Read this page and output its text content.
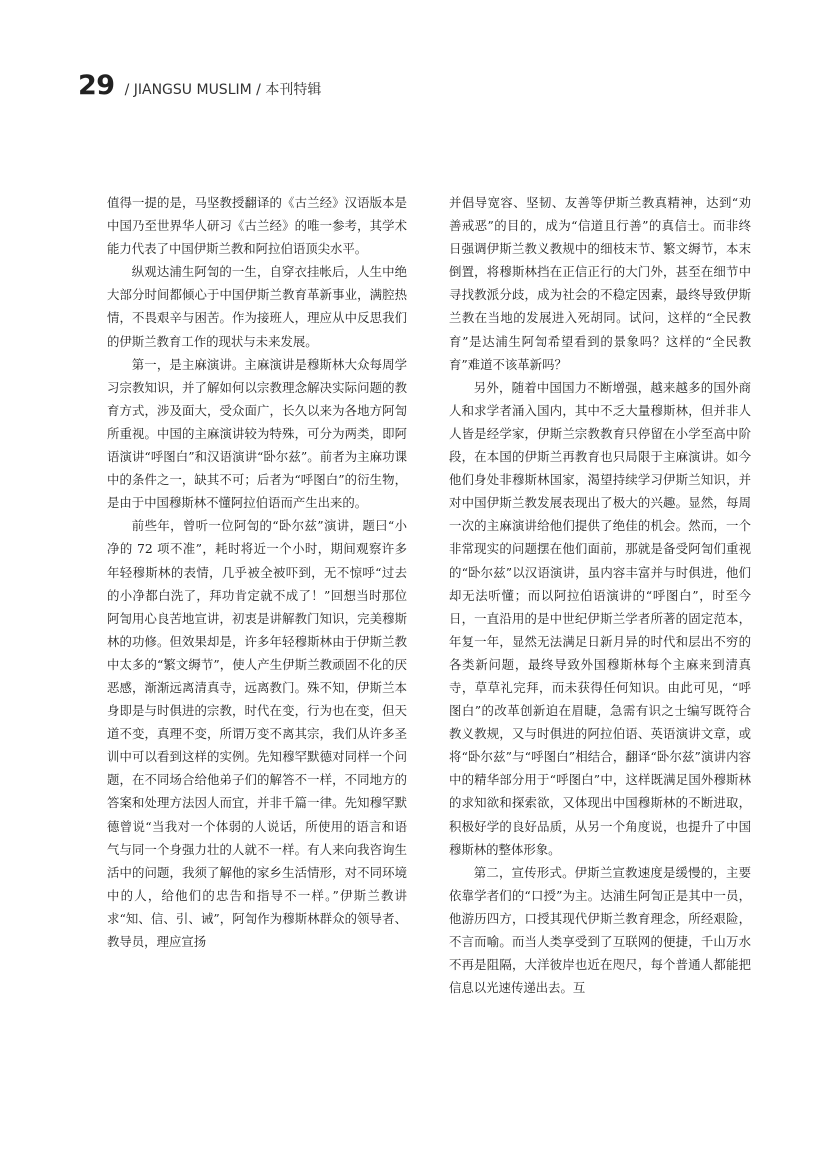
29 / JIANGSU MUSLIM / 本刊特辑

值得一提的是，马坚教授翻译的《古兰经》汉语版本是中国乃至世界华人研习《古兰经》的唯一参考，其学术能力代表了中国伊斯兰教和阿拉伯语顶尖水平。

纵观达浦生阿訇的一生，自穿衣挂帐后，人生中绝大部分时间都倾心于中国伊斯兰教育革新事业，满腔热情，不畏艰辛与困苦。作为接班人，理应从中反思我们的伊斯兰教育工作的现状与未来发展。

第一，是主麻演讲。主麻演讲是穆斯林大众每周学习宗教知识，并了解如何以宗教理念解决实际问题的教育方式，涉及面大，受众面广，长久以来为各地方阿訇所重视。中国的主麻演讲较为特殊，可分为两类，即阿语演讲“呼图白”和汉语演讲“卧尔兹”。前者为主麻功课中的条件之一，缺其不可；后者为“呼图白”的衍生物，是由于中国穆斯林不懂阿拉伯语而产生出来的。

前些年，曾听一位阿訇的“卧尔兹”演讲，题曰“小净的 72 项不准”，耗时将近一个小时，期间观察许多年轻穆斯林的表情，几乎被全被吓到，无不惊呼“过去的小净都白洗了，拜功肯定就不成了！”回想当时那位阿訇用心良苦地宣讲，初衷是讲解教门知识，完美穆斯林的功修。但效果却是，许多年轻穆斯林由于伊斯兰教中太多的“繁文缛节”，使人产生伊斯兰教顽固不化的厌恶感，渐渐远离清真寺，远离教门。殊不知，伊斯兰本身即是与时俱进的宗教，时代在变，行为也在变，但天道不变，真理不变，所谓万变不离其宗，我们从许多圣训中可以看到这样的实例。先知穆罕默德对同样一个问题，在不同场合给他弟子们的解答不一样，不同地方的答案和处理方法因人而宜，并非千篇一律。先知穆罕默德曾说“当我对一个体弱的人说话，所使用的语言和语气与同一个身强力壮的人就不一样。有人来向我咨询生活中的问题，我须了解他的家乡生活情形，对不同环境中的人，给他们的忠告和指导不一样。”伊斯兰教讲求“知、信、引、诫”，阿訇作为穆斯林群众的领导者、教导员，理应宣扬

并倡导宽容、坚韧、友善等伊斯兰教真精神，达到“劝善戒恶”的目的，成为“信道且行善”的真信士。而非终日强调伊斯兰教义教规中的细枝末节、繁文缛节，本末倒置，将穆斯林挡在正信正行的大门外，甚至在细节中寻找教派分歧，成为社会的不稳定因素，最终导致伊斯兰教在当地的发展进入死胡同。试问，这样的“全民教育”是达浦生阿訇希望看到的景象吗？这样的“全民教育”难道不该革新吗？

另外，随着中国国力不断增强，越来越多的国外商人和求学者涌入国内，其中不乏大量穆斯林，但并非人人皆是经学家，伊斯兰宗教教育只停留在小学至高中阶段，在本国的伊斯兰再教育也只局限于主麻演讲。如今他们身处非穆斯林国家，渴望持续学习伊斯兰知识，并对中国伊斯兰教发展表现出了极大的兴趣。显然，每周一次的主麻演讲给他们提供了绝佳的机会。然而，一个非常现实的问题摆在他们面前，那就是备受阿訇们重视的“卧尔兹”以汉语演讲，虽内容丰富并与时俱进，他们却无法听懂；而以阿拉伯语演讲的“呼图白”，时至今日，一直沿用的是中世纪伊斯兰学者所著的固定范本，年复一年，显然无法满足日新月异的时代和层出不穷的各类新问题，最终导致外国穆斯林每个主麻来到清真寺，草草礼完拜，而未获得任何知识。由此可见，“呼图白”的改革创新迫在眉睫，急需有识之士编写既符合教义教规，又与时俱进的阿拉伯语、英语演讲文章，或将“卧尔兹”与“呼图白”相结合，翻译“卧尔兹”演讲内容中的精华部分用于“呼图白”中，这样既满足国外穆斯林的求知欲和探索欲，又体现出中国穆斯林的不断进取，积极好学的良好品质，从另一个角度说，也提升了中国穆斯林的整体形象。

第二，宣传形式。伊斯兰宣教速度是缓慢的，主要依靠学者们的“口授”为主。达浦生阿訇正是其中一员，他游历四方，口授其现代伊斯兰教育理念，所经艰险，不言而喻。而当人类享受到了互联网的便捷，千山万水不再是阻隔，大洋彼岸也近在咫尺，每个普通人都能把信息以光速传递出去。互
